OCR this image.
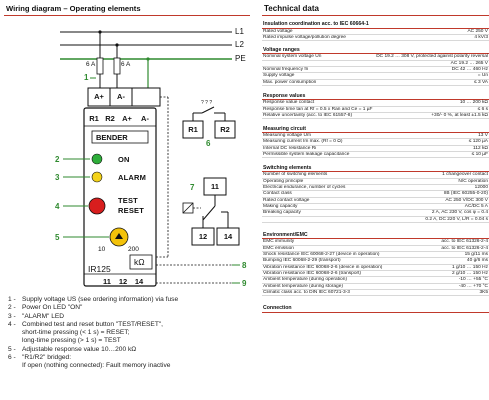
Wiring diagram – Operating elements
? ? ?
L1
L2
PE
6 A	6 A
A+	A-
R1 R2 A+	A-
BENDER
ON
ALARM
TEST
RESET
10	200
IR125
kΩ
11	12	14
R1	R2
11
12	14
1
2
3
4
5
6
7
8
9
1 - Supply voltage US (see ordering information) via fuse
2 - Power On LED "ON"
3 - "ALARM" LED
4 - Combined test and reset button "TEST/RESET",
short-time pressing (< 1 s) = RESET;
long-time pressing (> 1 s) = TEST
5 - Adjustable response value 10…200 kΩ
6 - "R1/R2" bridged:
If open (nothing connected): Fault memory inactive
Technical data
Insulation coordination acc. to IEC 60664-1
Rated voltage	AC 250 V
Rated impulse voltage/pollution degree	4 kV/3
Voltage ranges
Nominal system voltage Un	DC 19.2 … 308 V, protected against polarity reversal
AC 19.2 … 265 V
Nominal frequency fn	DC 42 … 460 Hz
Supply voltage	= Un
Max. power consumption	≤ 3 VA
Response values
Response value contact	10 … 200 kΩ
Response time tan at Rf = 0.5 x Ran and Ce = 1 µF	≤ 6 s
Relative uncertainty (acc. to IEC 61557-8)	+30/- 0 %, at least ±1.5 kΩ
Measuring circuit
Measuring voltage Um	13 V
Measuring current Im max. (Rf = 0 Ω)	≤ 120 µA
Internal DC resistance Ri	112 kΩ
Permissible system leakage capacitance	≤ 10 µF
Switching elements
Number of switching elements	1 changeover contact
Operating principle	N/C operation
Electrical endurance, number of cycles	12000
Contact class	IIB (IEC 60255-0-20)
Rated contact voltage	AC 250 V/DC 300 V
Making capacity	AC/DC 5 A
Breaking capacity	2 A, AC 230 V, cos φ = 0.4
0.2 A, DC 220 V, L/R = 0.04 s
Environment/EMC
EMC immunity	acc. to IEC 61326-2-4
EMC emission	acc. to IEC 61326-2-4
Shock resistance IEC 60068-2-27 (device in operation)	15 g/11 ms
Bumping IEC 60068-2-29 (transport)	40 g/6 ms
Vibration resistance IEC 60068-2-6 (device in operation)	1 g/10 … 150 Hz
Vibration resistance IEC 60068-2-6 (transport)	2 g/10 … 150 Hz
Ambient temperature (during operation)	-10 … +55 °C
Ambient temperature (during storage)	-40 … +70 °C
Climatic class acc. to DIN IEC 60721-3-3	3K5
Connection
